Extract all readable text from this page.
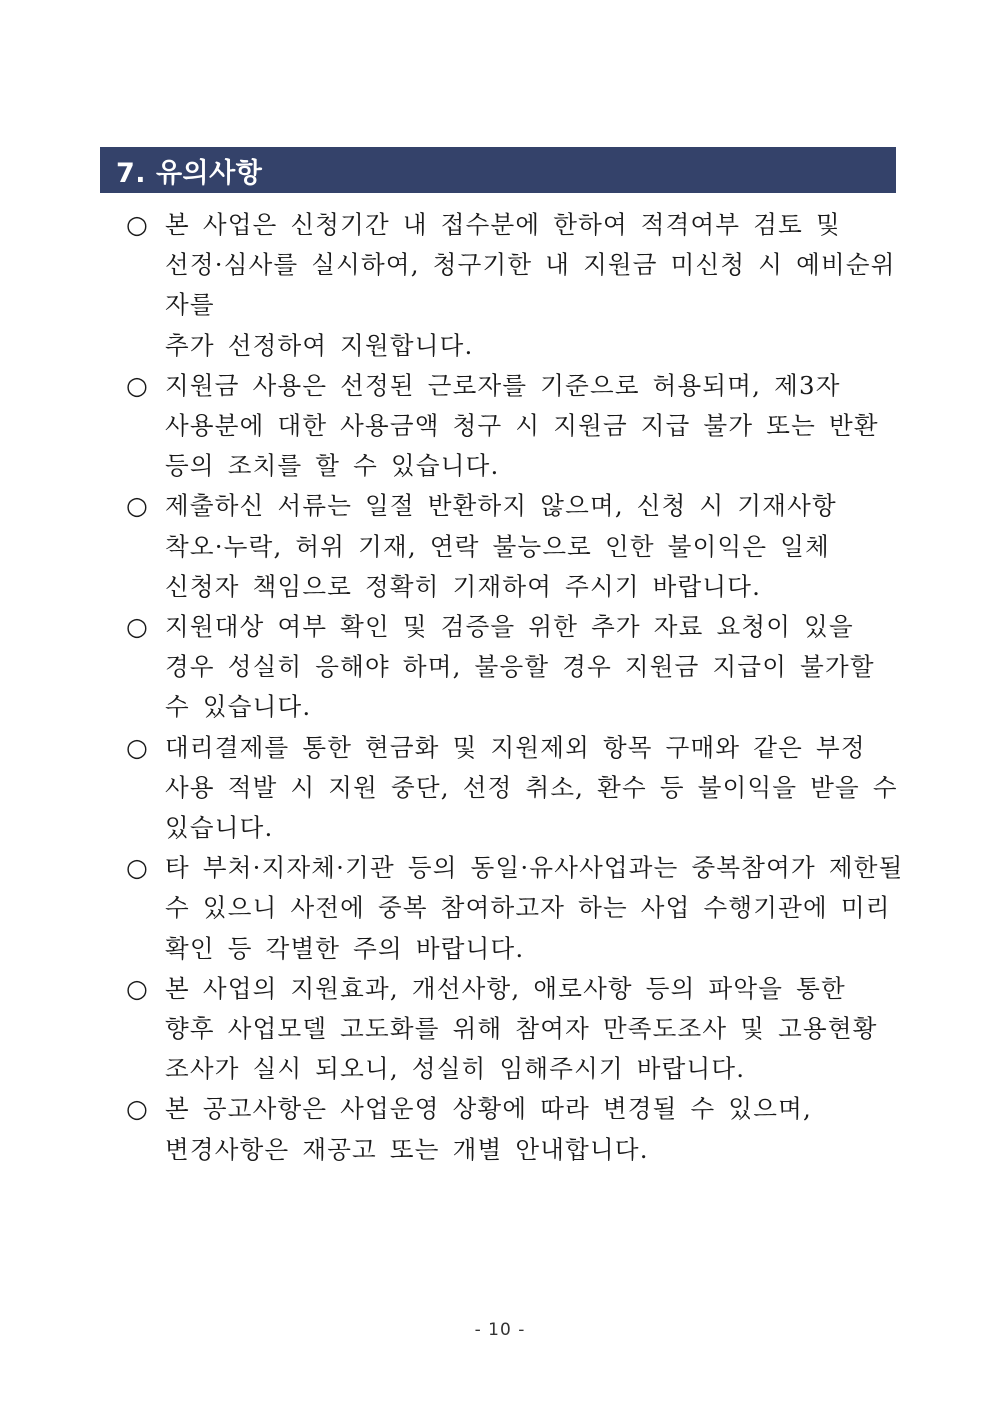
7. 유의사항
○ 본 사업은 신청기간 내 접수분에 한하여 적격여부 검토 및
선정·심사를 실시하여, 청구기한 내 지원금 미신청 시 예비순위자를
추가 선정하여 지원합니다.
○ 지원금 사용은 선정된 근로자를 기준으로 허용되며, 제3자
사용분에 대한 사용금액 청구 시 지원금 지급 불가 또는 반환
등의 조치를 할 수 있습니다.
○ 제출하신 서류는 일절 반환하지 않으며, 신청 시 기재사항
착오·누락, 허위 기재, 연락 불능으로 인한 불이익은 일체
신청자 책임으로 정확히 기재하여 주시기 바랍니다.
○ 지원대상 여부 확인 및 검증을 위한 추가 자료 요청이 있을
경우 성실히 응해야 하며, 불응할 경우 지원금 지급이 불가할
수 있습니다.
○ 대리결제를 통한 현금화 및 지원제외 항목 구매와 같은 부정
사용 적발 시 지원 중단, 선정 취소, 환수 등 불이익을 받을 수
있습니다.
○ 타 부처·지자체·기관 등의 동일·유사사업과는 중복참여가 제한될
수 있으니 사전에 중복 참여하고자 하는 사업 수행기관에 미리
확인 등 각별한 주의 바랍니다.
○ 본 사업의 지원효과, 개선사항, 애로사항 등의 파악을 통한
향후 사업모델 고도화를 위해 참여자 만족도조사 및 고용현황
조사가 실시 되오니, 성실히 임해주시기 바랍니다.
○ 본 공고사항은 사업운영 상황에 따라 변경될 수 있으며,
변경사항은 재공고 또는 개별 안내합니다.
- 10 -
